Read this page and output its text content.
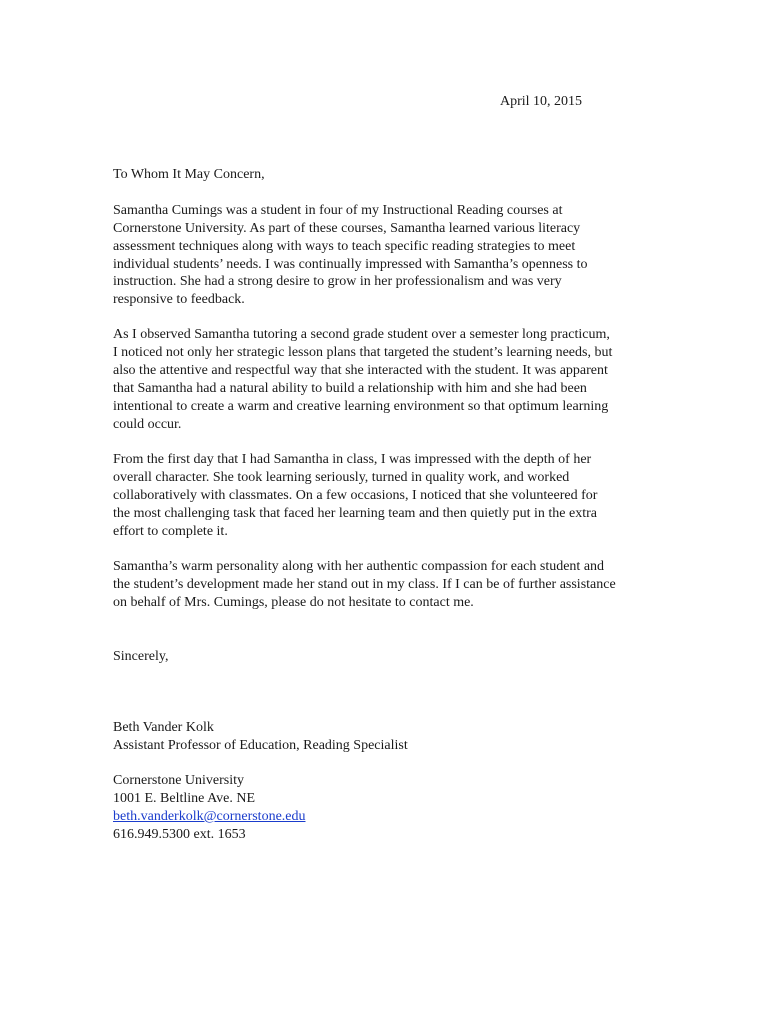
April 10, 2015
To Whom It May Concern,
Samantha Cumings was a student in four of my Instructional Reading courses at
Cornerstone University. As part of these courses, Samantha learned various literacy
assessment techniques along with ways to teach specific reading strategies to meet
individual students’ needs. I was continually impressed with Samantha’s openness to
instruction. She had a strong desire to grow in her professionalism and was very
responsive to feedback.
As I observed Samantha tutoring a second grade student over a semester long practicum,
I noticed not only her strategic lesson plans that targeted the student’s learning needs, but
also the attentive and respectful way that she interacted with the student. It was apparent
that Samantha had a natural ability to build a relationship with him and she had been
intentional to create a warm and creative learning environment so that optimum learning
could occur.
From the first day that I had Samantha in class, I was impressed with the depth of her
overall character. She took learning seriously, turned in quality work, and worked
collaboratively with classmates. On a few occasions, I noticed that she volunteered for
the most challenging task that faced her learning team and then quietly put in the extra
effort to complete it.
Samantha’s warm personality along with her authentic compassion for each student and
the student’s development made her stand out in my class. If I can be of further assistance
on behalf of Mrs. Cumings, please do not hesitate to contact me.
Sincerely,
Beth Vander Kolk
Assistant Professor of Education, Reading Specialist
Cornerstone University
1001 E. Beltline Ave. NE
beth.vanderkolk@cornerstone.edu
616.949.5300 ext. 1653
